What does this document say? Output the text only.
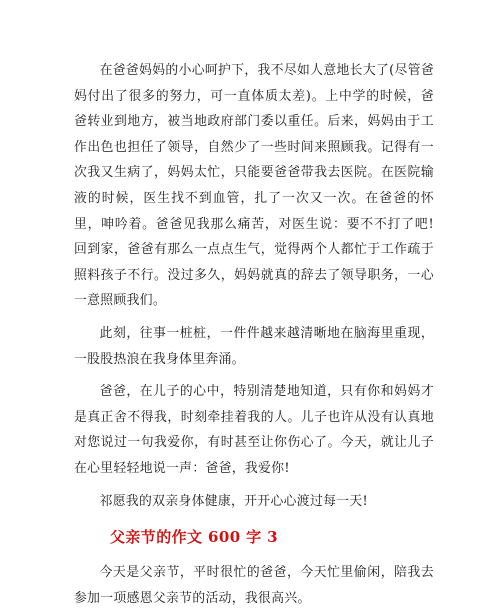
在爸爸妈妈的小心呵护下，我不尽如人意地长大了(尽管爸妈付出了很多的努力，可一直体质太差)。上中学的时候，爸爸转业到地方，被当地政府部门委以重任。后来，妈妈由于工作出色也担任了领导，自然少了一些时间来照顾我。记得有一次我又生病了，妈妈太忙，只能要爸爸带我去医院。在医院输液的时候，医生找不到血管，扎了一次又一次。在爸爸的怀里，呻吟着。爸爸见我那么痛苦，对医生说：要不不打了吧!回到家，爸爸有那么一点点生气，觉得两个人都忙于工作疏于照料孩子不行。没过多久，妈妈就真的辞去了领导职务，一心一意照顾我们。

此刻，往事一桩桩，一件件越来越清晰地在脑海里重现，一股股热浪在我身体里奔涌。

爸爸，在儿子的心中，特别清楚地知道，只有你和妈妈才是真正舍不得我，时刻牵挂着我的人。儿子也许从没有认真地对您说过一句我爱你，有时甚至让你伤心了。今天，就让儿子在心里轻轻地说一声：爸爸，我爱你!

祁愿我的双亲身体健康，开开心心渡过每一天!

父亲节的作文 600 字 3

今天是父亲节，平时很忙的爸爸，今天忙里偷闲，陪我去参加一项感恩父亲节的活动，我很高兴。
